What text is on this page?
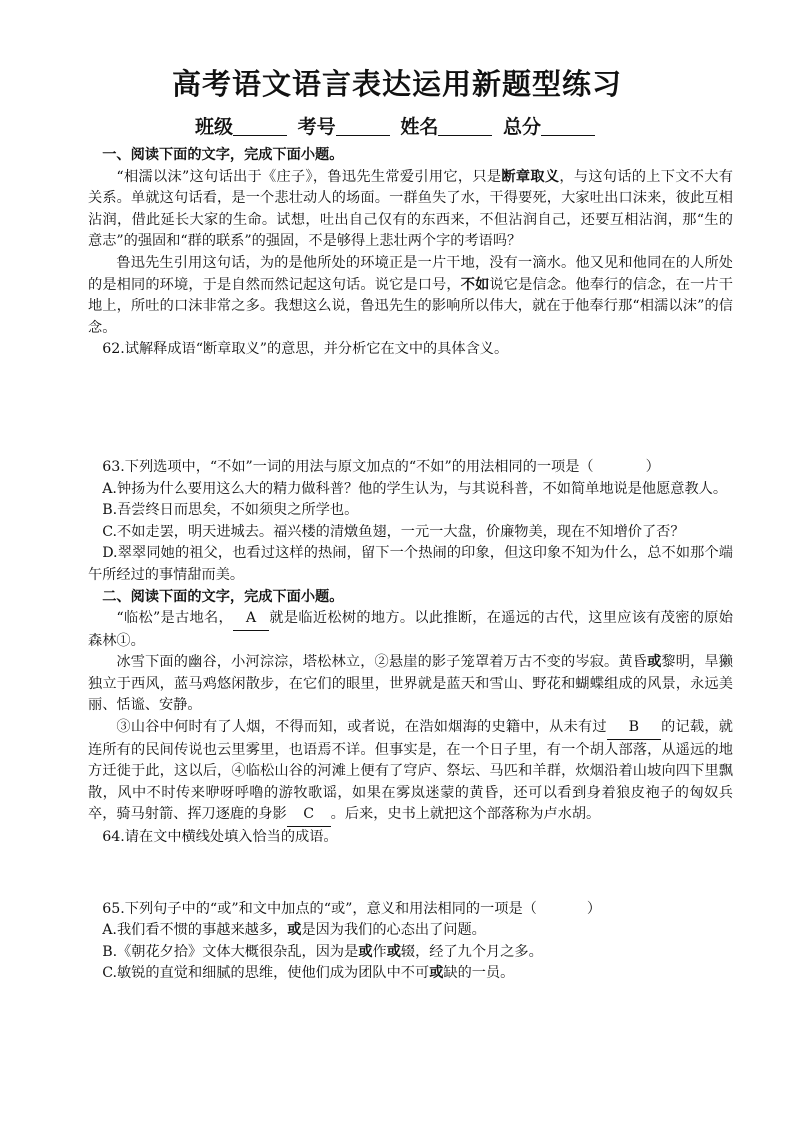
高考语文语言表达运用新题型练习
班级	考号	姓名	总分

一、阅读下面的文字，完成下面小题。

“相濡以沫”这句话出于《庄子》，鲁迅先生常爱引用它，只是断章取义，与这句话的上下文不大有关系。单就这句话看，是一个悲壮动人的场面。一群鱼失了水，干得要死，大家吐出口沫来，彼此互相沾润，借此延长大家的生命。试想，吐出自己仅有的东西来，不但沾润自己，还要互相沾润，那“生的意志”的强固和“群的联系”的强固，不是够得上悲壮两个字的考语吗？

鲁迅先生引用这句话，为的是他所处的环境正是一片干地，没有一滴水。他又见和他同在的人所处的是相同的环境，于是自然而然记起这句话。说它是口号，不如说它是信念。他奉行的信念，在一片干地上，所吐的口沫非常之多。我想这么说，鲁迅先生的影响所以伟大，就在于他奉行那“相濡以沫”的信念。

62.试解释成语“断章取义”的意思，并分析它在文中的具体含义。

63.下列选项中，“不如”一词的用法与原文加点的“不如”的用法相同的一项是（	）

A.钟扬为什么要用这么大的精力做科普？他的学生认为，与其说科普，不如简单地说是他愿意教人。

B.吾尝终日而思矣，不如须臾之所学也。

C.不如走罢，明天进城去。福兴楼的清燉鱼翅，一元一大盘，价廉物美，现在不知增价了否？

D.翠翠同她的祖父，也看过这样的热闹，留下一个热闹的印象，但这印象不知为什么，总不如那个端午所经过的事情甜而美。

二、阅读下面的文字，完成下面小题。

“临松”是古地名， A 就是临近松树的地方。以此推断，在遥远的古代，这里应该有茂密的原始森林①。

冰雪下面的幽谷，小河淙淙，塔松林立，②悬崖的影子笼罩着万古不变的岑寂。黄昏或黎明，旱獭独立于西风，蓝马鸡悠闲散步，在它们的眼里，世界就是蓝天和雪山、野花和蝴蝶组成的风景，永远美丽、恬谧、安静。

③山谷中何时有了人烟，不得而知，或者说，在浩如烟海的史籍中，从未有过 B 的记载，就连所有的民间传说也云里雾里，也语焉不详。但事实是，在一个日子里，有一个胡人部落，从遥远的地方迁徙于此，这以后，④临松山谷的河滩上便有了穹庐、祭坛、马匹和羊群，炊烟沿着山坡向四下里飘散，风中不时传来咿呀呼噜的游牧歌谣，如果在雾岚迷蒙的黄昏，还可以看到身着狼皮袍子的匈奴兵卒，骑马射箭、挥刀逐鹿的身影 C 。后来，史书上就把这个部落称为卢水胡。

64.请在文中横线处填入恰当的成语。

65.下列句子中的“或”和文中加点的“或”，意义和用法相同的一项是（	）

A.我们看不惯的事越来越多，或是因为我们的心态出了问题。

B.《朝花夕拾》文体大概很杂乱，因为是或作或辍，经了九个月之多。

C.敏锐的直觉和细腻的思维，使他们成为团队中不可或缺的一员。
